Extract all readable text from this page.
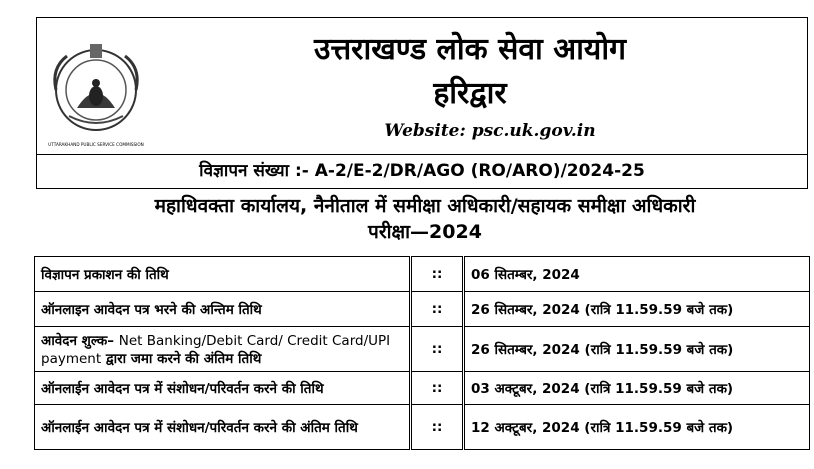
UTTARAKHAND PUBLIC SERVICE COMMISSION
उत्तराखण्ड लोक सेवा आयोग
हरिद्वार
Website: psc.uk.gov.in
विज्ञापन संख्या :- A-2/E-2/DR/AGO (RO/ARO)/2024-25
महाधिवक्ता कार्यालय, नैनीताल में समीक्षा अधिकारी/सहायक समीक्षा अधिकारी
परीक्षा—2024
विज्ञापन प्रकाशन की तिथि	::	06 सितम्बर, 2024
ऑनलाइन आवेदन पत्र भरने की अन्तिम तिथि	::	26 सितम्बर, 2024 (रात्रि 11.59.59 बजे तक)
आवेदन शुल्क– Net Banking/Debit Card/ Credit Card/UPI payment द्वारा जमा करने की अंतिम तिथि	::	26 सितम्बर, 2024 (रात्रि 11.59.59 बजे तक)
ऑनलाईन आवेदन पत्र में संशोधन/परिवर्तन करने की तिथि	::	03 अक्टूबर, 2024 (रात्रि 11.59.59 बजे तक)
ऑनलाईन आवेदन पत्र में संशोधन/परिवर्तन करने की अंतिम तिथि	::	12 अक्टूबर, 2024 (रात्रि 11.59.59 बजे तक)
